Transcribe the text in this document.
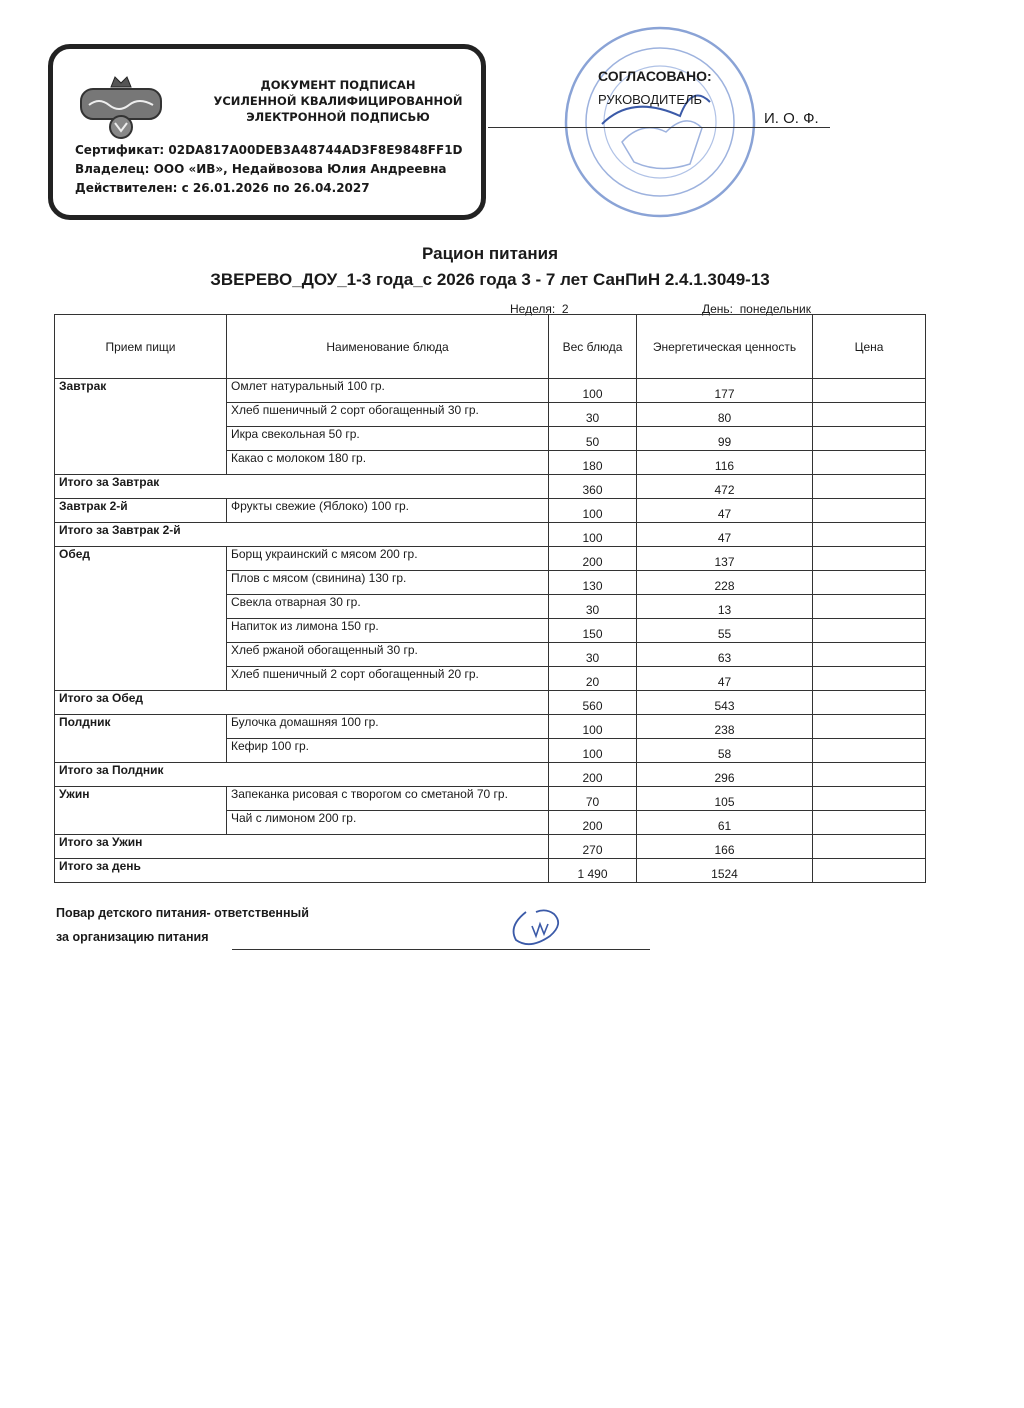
ДОКУМЕНТ ПОДПИСАН
УСИЛЕННОЙ КВАЛИФИЦИРОВАННОЙ
ЭЛЕКТРОННОЙ ПОДПИСЬЮ
Сертификат: 02DA817A00DEB3A48744AD3F8E9848FF1D
Владелец: ООО «ИВ», Недайвозова Юлия Андреевна
Действителен: с 26.01.2026 по 26.04.2027
СОГЛАСОВАНО:
РУКОВОДИТЕЛЬ
И. О. Ф.
Рацион питания
ЗВЕРЕВО_ДОУ_1-3 года_с 2026 года 3 - 7 лет СанПиН 2.4.1.3049-13
Неделя: 2	День: понедельник
Прием пищи	Наименование блюда	Вес блюда	Энергетическая ценность	Цена
Завтрак	Омлет натуральный 100 гр.	100	177	
	Хлеб пшеничный 2 сорт обогащенный 30 гр.	30	80	
	Икра свекольная 50 гр.	50	99	
	Какао с молоком 180 гр.	180	116	
Итого за Завтрак		360	472	
Завтрак 2-й	Фрукты свежие (Яблоко) 100 гр.	100	47	
Итого за Завтрак 2-й		100	47	
Обед	Борщ украинский с мясом 200 гр.	200	137	
	Плов с мясом (свинина) 130 гр.	130	228	
	Свекла отварная 30 гр.	30	13	
	Напиток из лимона 150 гр.	150	55	
	Хлеб ржаной обогащенный 30 гр.	30	63	
	Хлеб пшеничный 2 сорт обогащенный 20 гр.	20	47	
Итого за Обед		560	543	
Полдник	Булочка домашняя 100 гр.	100	238	
	Кефир 100 гр.	100	58	
Итого за Полдник		200	296	
Ужин	Запеканка рисовая с творогом со сметаной 70 гр.	70	105	
	Чай с лимоном 200 гр.	200	61	
Итого за Ужин		270	166	
Итого за день		1 490	1524	
Повар детского питания- ответственный
за организацию питания
